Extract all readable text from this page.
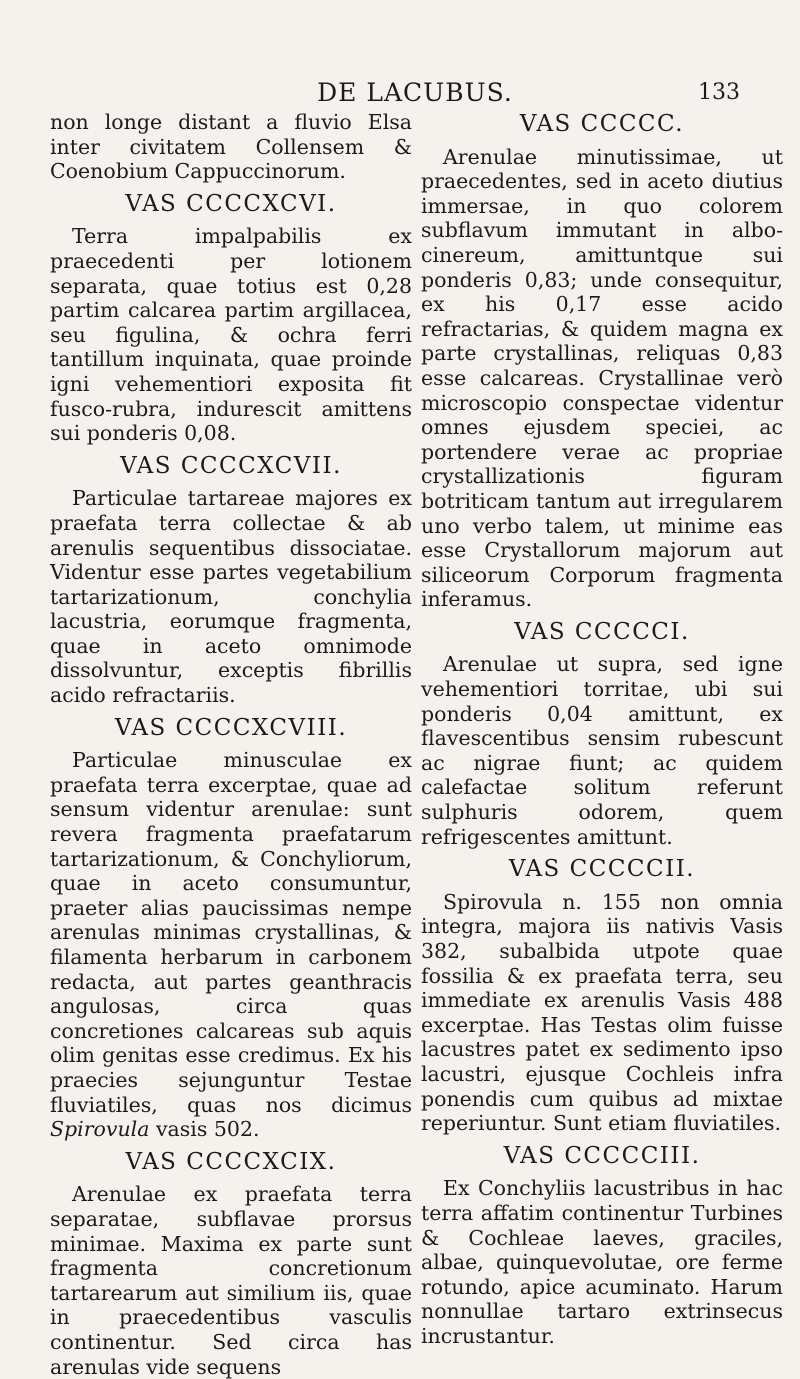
DE LACUBUS.	133

non longe distant a fluvio Elsa inter civitatem Collensem & Coenobium Cappuccinorum.

VAS CCCCXCVI.

Terra impalpabilis ex praecedenti per lotionem separata, quae totius est 0,28 partim calcarea partim argillacea, seu figulina, & ochra ferri tantillum inquinata, quae proinde igni vehementiori exposita fit fusco-rubra, indurescit amittens sui ponderis 0,08.

VAS CCCCXCVII.

Particulae tartareae majores ex praefata terra collectae & ab arenulis sequentibus dissociatae. Videntur esse partes vegetabilium tartarizationum, conchylia lacustria, eorumque fragmenta, quae in aceto omnimode dissolvuntur, exceptis fibrillis acido refractariis.

VAS CCCCXCVIII.

Particulae minusculae ex praefata terra excerptae, quae ad sensum videntur arenulae: sunt revera fragmenta praefatarum tartarizationum, & Conchyliorum, quae in aceto consumuntur, praeter alias paucissimas nempe arenulas minimas crystallinas, & filamenta herbarum in carbonem redacta, aut partes geanthracis angulosas, circa quas concretiones calcareas sub aquis olim genitas esse credimus. Ex his praecies sejunguntur Testae fluviatiles, quas nos dicimus Spirovula vasis 502.

VAS CCCCXCIX.

Arenulae ex praefata terra separatae, subflavae prorsus minimae. Maxima ex parte sunt fragmenta concretionum tartarearum aut similium iis, quae in praecedentibus vasculis continentur. Sed circa has arenulas vide sequens

VAS CCCCC.

Arenulae minutissimae, ut praecedentes, sed in aceto diutius immersae, in quo colorem subflavum immutant in albo-cinereum, amittuntque sui ponderis 0,83; unde consequitur, ex his 0,17 esse acido refractarias, & quidem magna ex parte crystallinas, reliquas 0,83 esse calcareas. Crystallinae verò microscopio conspectae videntur omnes ejusdem speciei, ac portendere verae ac propriae crystallizationis figuram botriticam tantum aut irregularem uno verbo talem, ut minime eas esse Crystallorum majorum aut siliceorum Corporum fragmenta inferamus.

VAS CCCCCI.

Arenulae ut supra, sed igne vehementiori torritae, ubi sui ponderis 0,04 amittunt, ex flavescentibus sensim rubescunt ac nigrae fiunt; ac quidem calefactae solitum referunt sulphuris odorem, quem refrigescentes amittunt.

VAS CCCCCII.

Spirovula n. 155 non omnia integra, majora iis nativis Vasis 382, subalbida utpote quae fossilia & ex praefata terra, seu immediate ex arenulis Vasis 488 excerptae. Has Testas olim fuisse lacustres patet ex sedimento ipso lacustri, ejusque Cochleis infra ponendis cum quibus ad mixtae reperiuntur. Sunt etiam fluviatiles.

VAS CCCCCIII.

Ex Conchyliis lacustribus in hac terra affatim continentur Turbines & Cochleae laeves, graciles, albae, quinquevolutae, ore ferme rotundo, apice acuminato. Harum nonnullae tartaro extrinsecus incrustantur.
